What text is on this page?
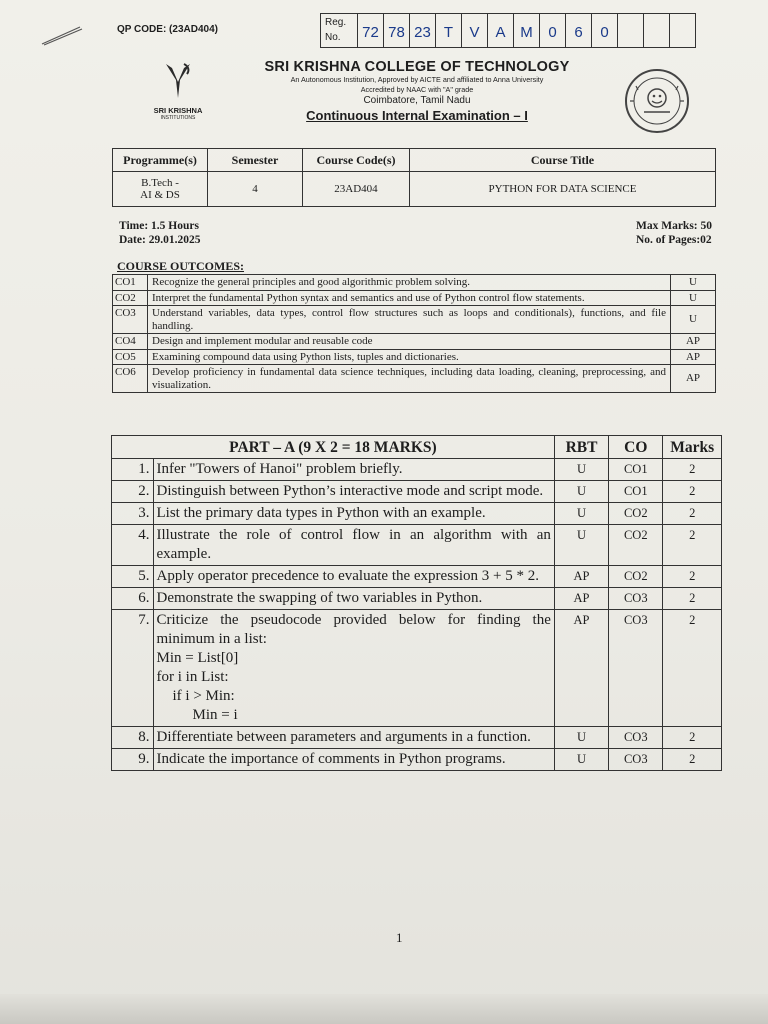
QP CODE: (23AD404)
Reg.
No.	72 78 23 T	V	A M	0	6	0
SRI KRISHNA
INSTITUTIONS
SRI KRISHNA COLLEGE OF TECHNOLOGY
An Autonomous Institution, Approved by AICTE and affiliated to Anna University
Accredited by NAAC with "A" grade
Coimbatore, Tamil Nadu
Continuous Internal Examination – I
Programme(s)	Semester	Course Code(s)	Course Title

B.Tech -
AI & DS	4	23AD404	PYTHON FOR DATA SCIENCE
Time: 1.5 Hours
Date: 29.01.2025
Max Marks: 50
No. of Pages:02
COURSE OUTCOMES:
CO1	Recognize the general principles and good algorithmic problem solving.	U
CO2	Interpret the fundamental Python syntax and semantics and use of Python control flow statements.	U
CO3	Understand variables, data types, control flow structures such as loops and conditionals), functions, and file handling.	U
CO4	Design and implement modular and reusable code	AP
CO5	Examining compound data using Python lists, tuples and dictionaries.	AP
CO6	Develop proficiency in fundamental data science techniques, including data loading, cleaning, preprocessing, and visualization.	AP
PART – A (9 X 2 = 18 MARKS)		RBT	CO	Marks
1.	Infer "Towers of Hanoi" problem briefly.	U	CO1	2
2.	Distinguish between Python’s interactive mode and script mode.	U	CO1	2
3.	List the primary data types in Python with an example.	U	CO2	2
4.	Illustrate the role of control flow in an algorithm with an example.	U	CO2	2
5.	Apply operator precedence to evaluate the expression 3 + 5 * 2.	AP	CO2	2
6.	Demonstrate the swapping of two variables in Python.	AP	CO3	2
7.	Criticize the pseudocode provided below for finding the minimum in a list:
Min = List[0]
for i in List:
if i > Min:
Min = i	AP	CO3	2
8.	Differentiate between parameters and arguments in a function.	U	CO3	2
9.	Indicate the importance of comments in Python programs.	U	CO3	2
1
